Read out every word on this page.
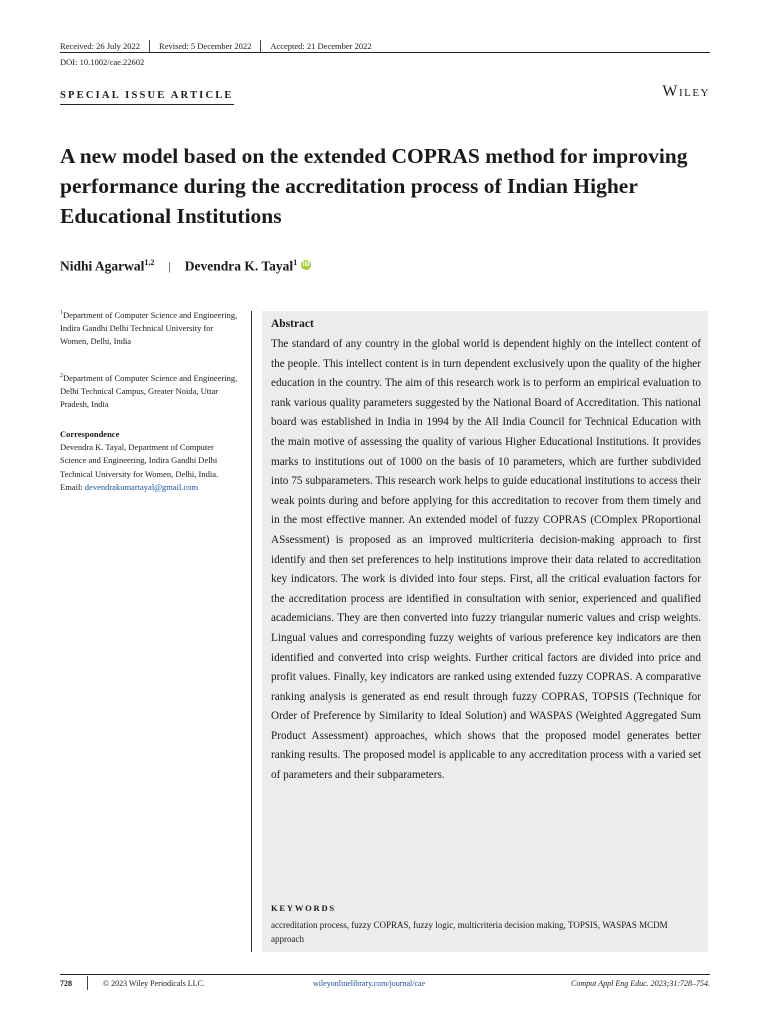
Received: 26 July 2022	Revised: 5 December 2022	Accepted: 21 December 2022
DOI: 10.1002/cae.22602
SPECIAL ISSUE ARTICLE	Wiley
A new model based on the extended COPRAS method for improving performance during the accreditation process of Indian Higher Educational Institutions
Nidhi Agarwal$^{1,2}$	|	Devendra K. Tayal$^1$ iD

$^1$Department of Computer Science and Engineering, Indira Gandhi Delhi Technical University for Women, Delhi, India

$^2$Department of Computer Science and Engineering, Delhi Technical Campus, Greater Noida, Uttar Pradesh, India

Correspondence

Devendra K. Tayal, Department of Computer Science and Engineering, Indira Gandhi Delhi Technical University for Women, Delhi, India.

Email: devendrakumartayal@gmail.com

Abstract
The standard of any country in the global world is dependent highly on the intellect content of the people. This intellect content is in turn dependent exclusively upon the quality of the higher education in the country. The aim of this research work is to perform an empirical evaluation to rank various quality parameters suggested by the National Board of Accreditation. This national board was established in India in 1994 by the All India Council for Technical Education with the main motive of assessing the quality of various Higher Educational Institutions. It provides marks to institutions out of 1000 on the basis of 10 parameters, which are further subdivided into 75 subparameters. This research work helps to guide educational institutions to access their weak points during and before applying for this accreditation to recover from them timely and in the most effective manner. An extended model of fuzzy COPRAS (COmplex PRoportional ASsessment) is proposed as an improved multicriteria decision-making approach to first identify and then set preferences to help institutions improve their data related to accreditation key indicators. The work is divided into four steps. First, all the critical evaluation factors for the accreditation process are identified in consultation with senior, experienced and qualified academicians. They are then converted into fuzzy triangular numeric values and crisp weights. Lingual values and corresponding fuzzy weights of various preference key indicators are then identified and converted into crisp weights. Further critical factors are divided into price and profit values. Finally, key indicators are ranked using extended fuzzy COPRAS. A comparative ranking analysis is generated as end result through fuzzy COPRAS, TOPSIS (Technique for Order of Preference by Similarity to Ideal Solution) and WASPAS (Weighted Aggregated Sum Product Assessment) approaches, which shows that the proposed model generates better ranking results. The proposed model is applicable to any accreditation process with a varied set of parameters and their subparameters.
KEYWORDS
accreditation process, fuzzy COPRAS, fuzzy logic, multicriteria decision making, TOPSIS, WASPAS MCDM approach
728	© 2023 Wiley Periodicals LLC.	wileyonlinelibrary.com/journal/cae	Comput Appl Eng Educ. 2023;31:728–754.
